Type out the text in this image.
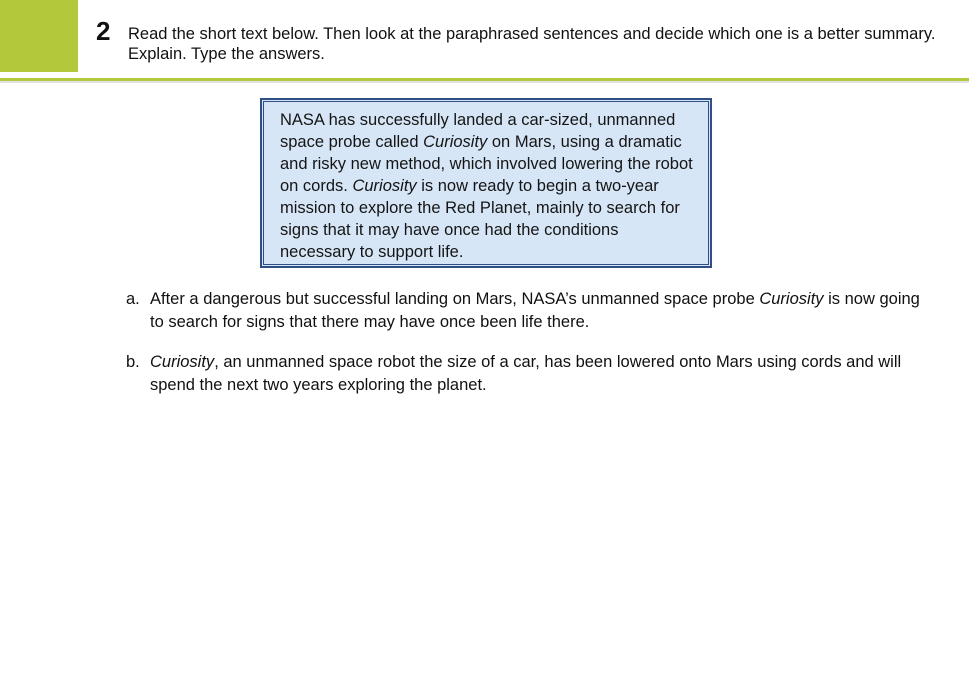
2 Read the short text below. Then look at the paraphrased sentences and decide which one is a better summary. Explain. Type the answers.
NASA has successfully landed a car-sized, unmanned space probe called Curiosity on Mars, using a dramatic and risky new method, which involved lowering the robot on cords. Curiosity is now ready to begin a two-year mission to explore the Red Planet, mainly to search for signs that it may have once had the conditions necessary to support life.
a. After a dangerous but successful landing on Mars, NASA’s unmanned space probe Curiosity is now going to search for signs that there may have once been life there.
b. Curiosity, an unmanned space robot the size of a car, has been lowered onto Mars using cords and will spend the next two years exploring the planet.
